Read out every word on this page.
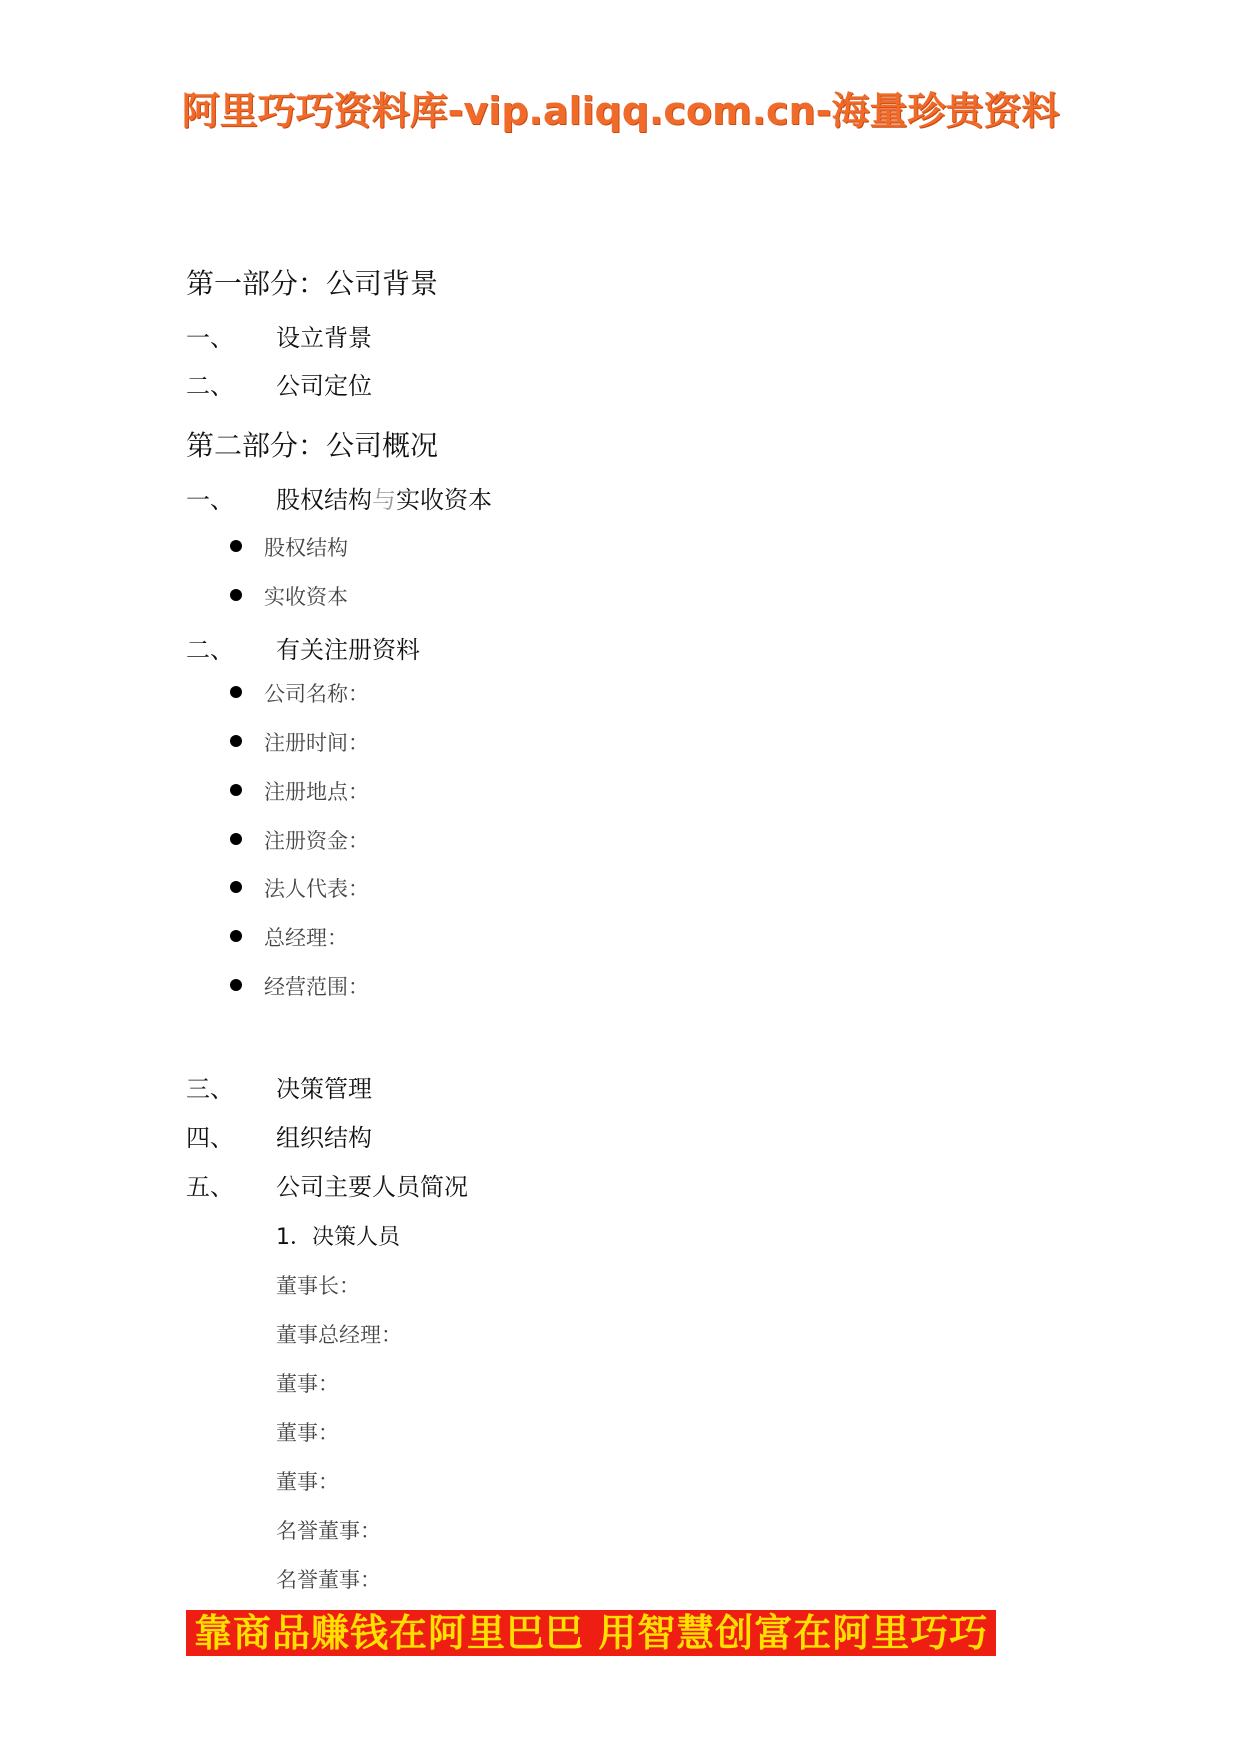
阿里巧巧资料库-vip.aliqq.com.cn-海量珍贵资料
第一部分：公司背景
一、 设立背景
二、 公司定位
第二部分：公司概况
一、 股权结构与实收资本
股权结构
实收资本
二、 有关注册资料
公司名称：
注册时间：
注册地点：
注册资金：
法人代表：
总经理：
经营范围：
三、 决策管理
四、 组织结构
五、 公司主要人员简况
1．决策人员
董事长：
董事总经理：
董事：
董事：
董事：
名誉董事：
名誉董事：
靠商品赚钱在阿里巴巴 用智慧创富在阿里巧巧
